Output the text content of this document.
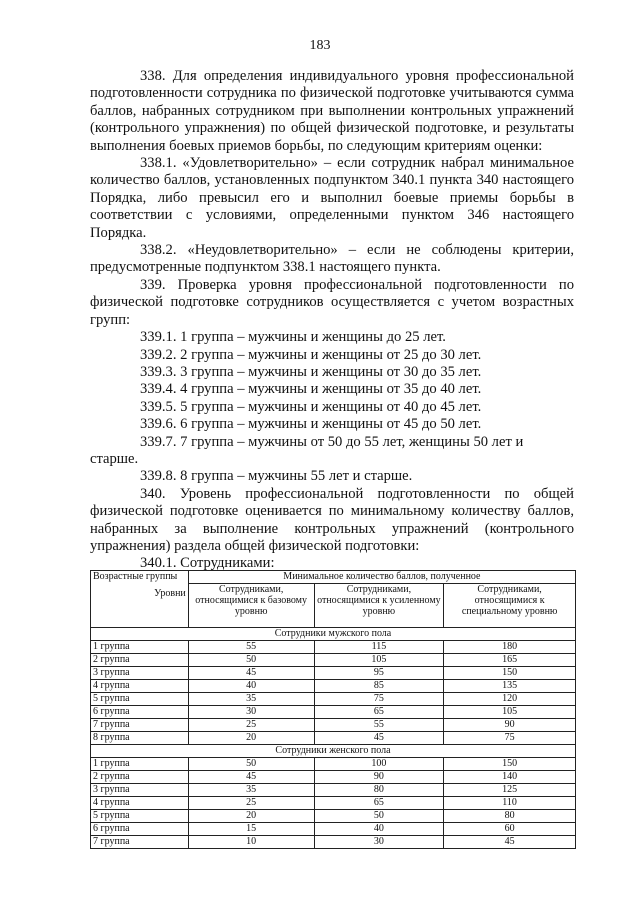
183

338. Для определения индивидуального уровня профессиональной подготовленности сотрудника по физической подготовке учитываются сумма баллов, набранных сотрудником при выполнении контрольных упражнений (контрольного упражнения) по общей физической подготовке, и результаты выполнения боевых приемов борьбы, по следующим критериям оценки:

338.1. «Удовлетворительно» – если сотрудник набрал минимальное количество баллов, установленных подпунктом 340.1 пункта 340 настоящего Порядка, либо превысил его и выполнил боевые приемы борьбы в соответствии с условиями, определенными пунктом 346 настоящего Порядка.

338.2. «Неудовлетворительно» – если не соблюдены критерии, предусмотренные подпунктом 338.1 настоящего пункта.

339. Проверка уровня профессиональной подготовленности по физической подготовке сотрудников осуществляется с учетом возрастных групп:

339.1. 1 группа – мужчины и женщины до 25 лет.

339.2. 2 группа – мужчины и женщины от 25 до 30 лет.

339.3. 3 группа – мужчины и женщины от 30 до 35 лет.

339.4. 4 группа – мужчины и женщины от 35 до 40 лет.

339.5. 5 группа – мужчины и женщины от 40 до 45 лет.

339.6. 6 группа – мужчины и женщины от 45 до 50 лет.

339.7. 7 группа – мужчины от 50 до 55 лет, женщины 50 лет и старше.

339.8. 8 группа – мужчины 55 лет и старше.

340. Уровень профессиональной подготовленности по общей физической подготовке оценивается по минимальному количеству баллов, набранных за выполнение контрольных упражнений (контрольного упражнения) раздела общей физической подготовки:

340.1. Сотрудниками:

Возрастные группы
Уровни	Минимальное количество баллов, полученное		
	Сотрудниками, относящимися к базовому уровню	Сотрудниками, относящимися к усиленному уровню	Сотрудниками, относящимися к специальному уровню
Сотрудники мужского пола			
1 группа	55	115	180
2 группа	50	105	165
3 группа	45	95	150
4 группа	40	85	135
5 группа	35	75	120
6 группа	30	65	105
7 группа	25	55	90
8 группа	20	45	75
Сотрудники женского пола			
1 группа	50	100	150
2 группа	45	90	140
3 группа	35	80	125
4 группа	25	65	110
5 группа	20	50	80
6 группа	15	40	60
7 группа	10	30	45
